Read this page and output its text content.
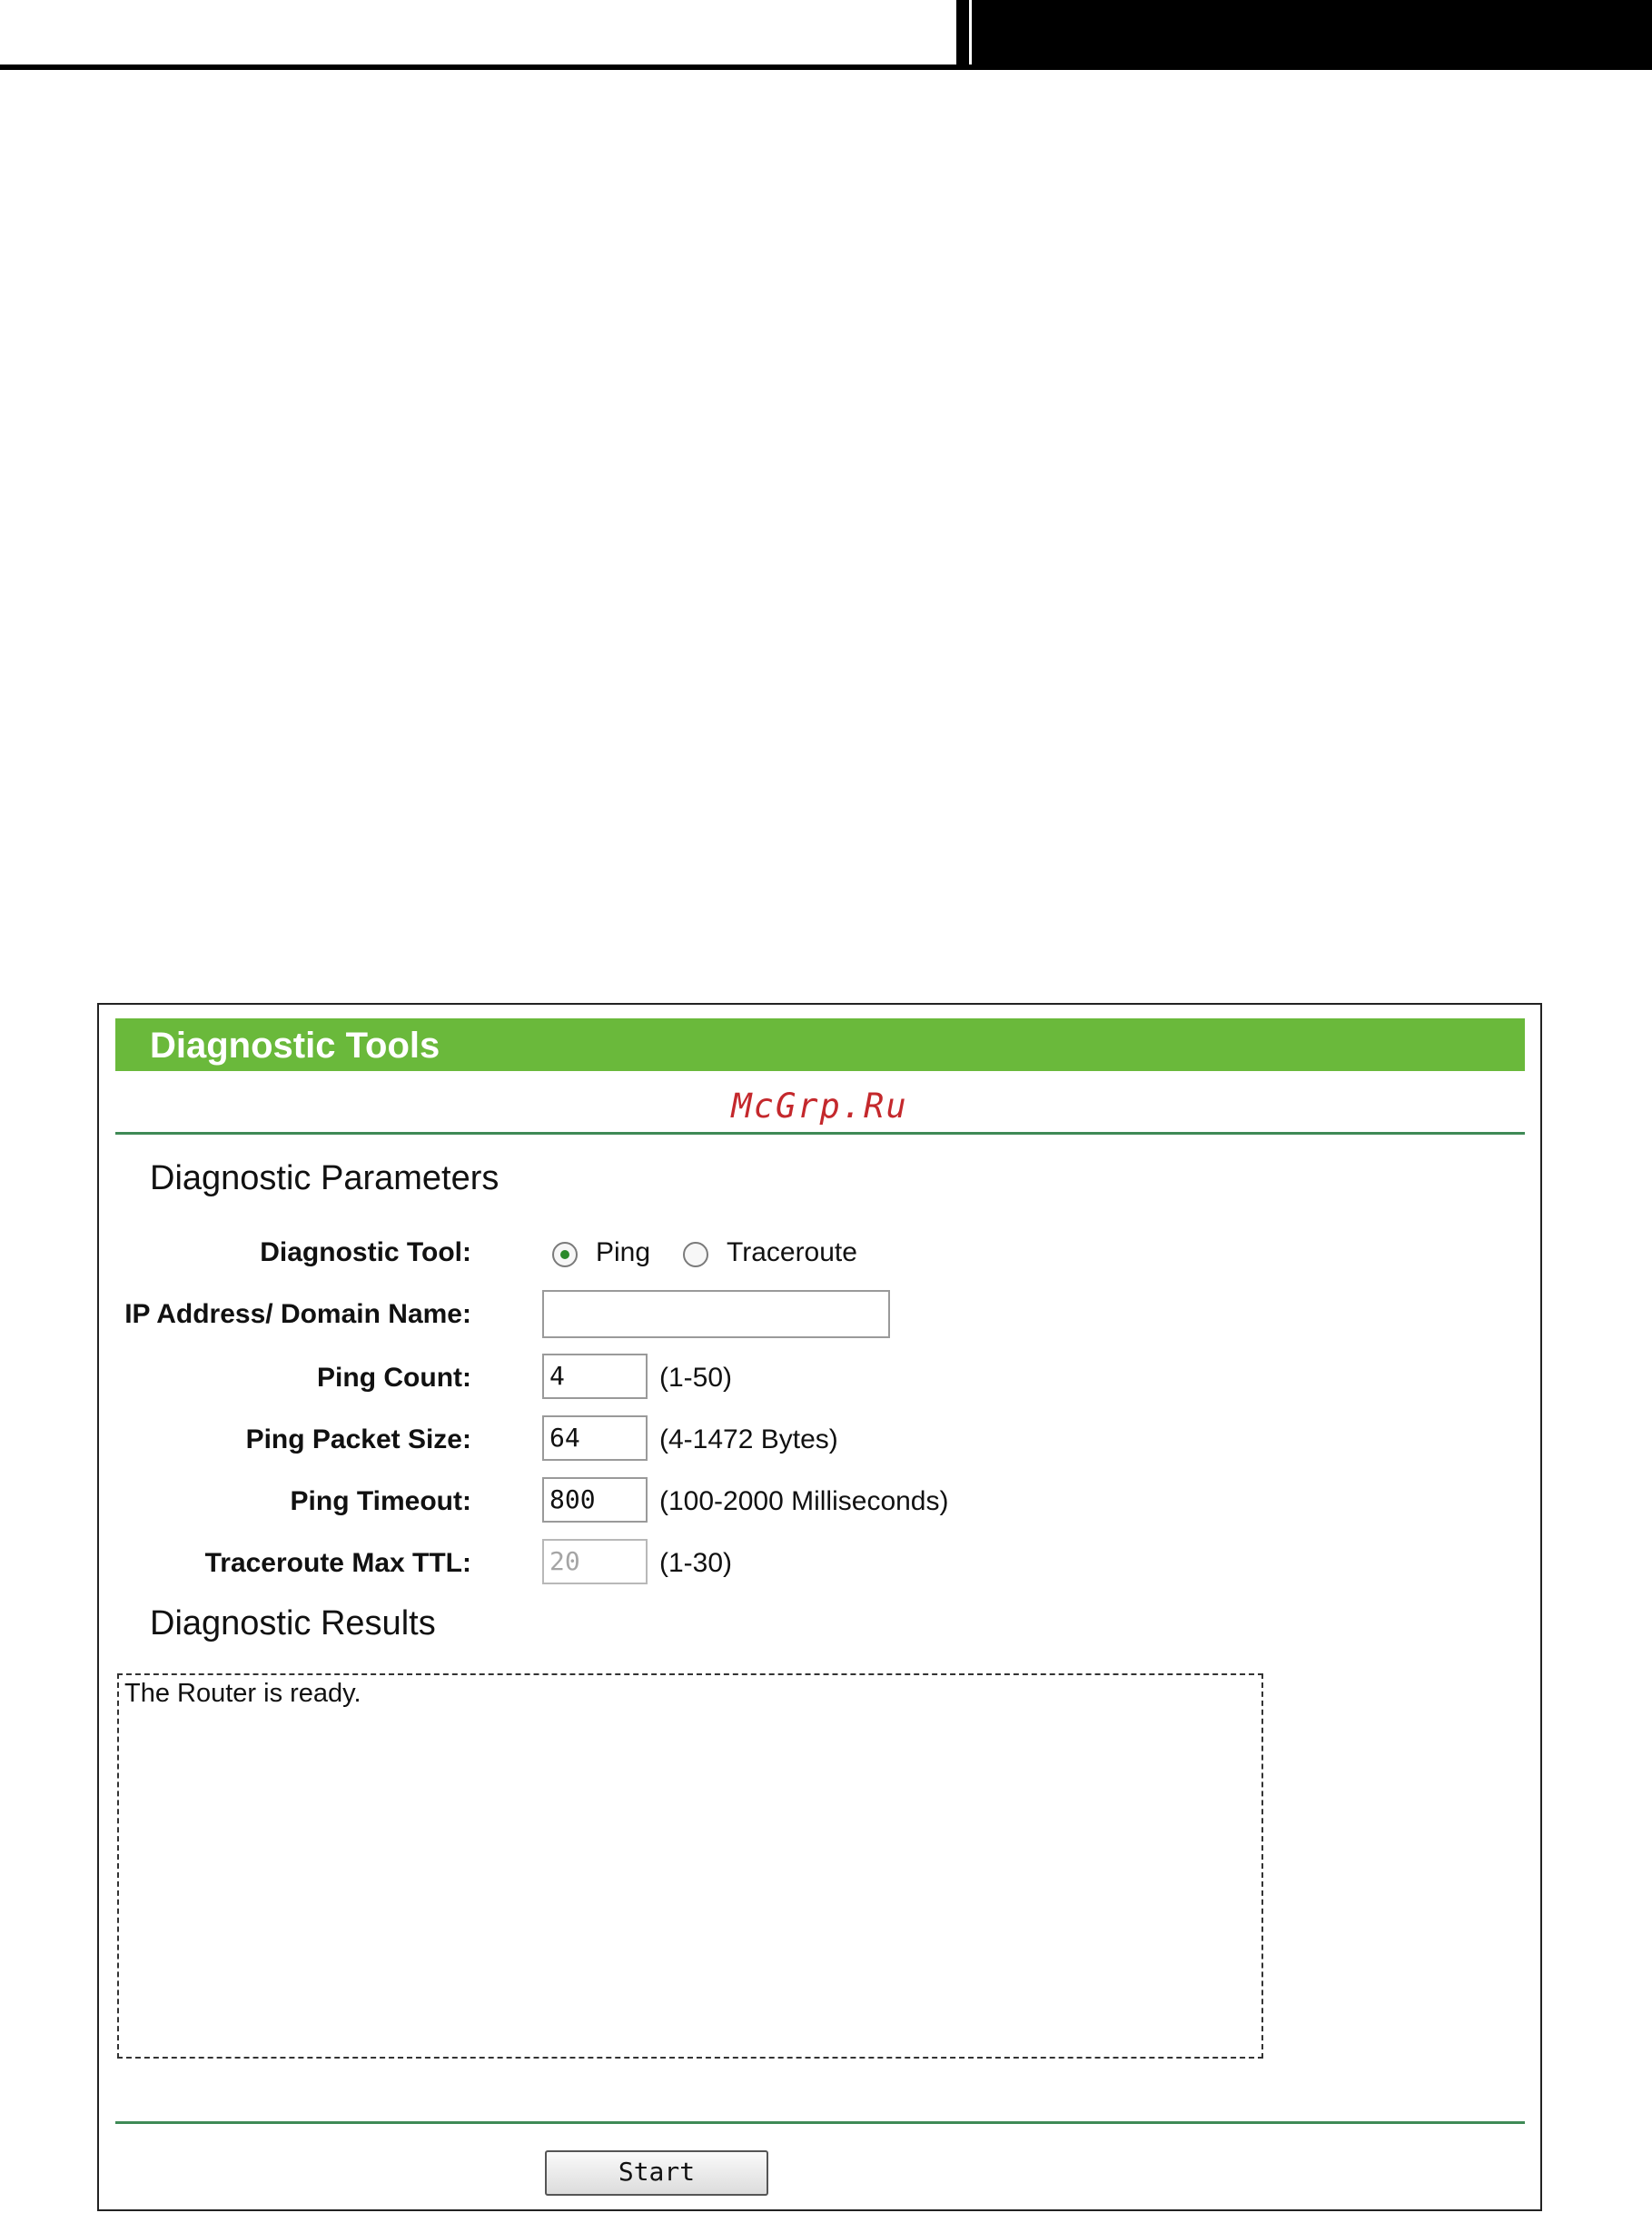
Diagnostic Tools
McGrp.Ru
Diagnostic Parameters
Diagnostic Tool:	Ping	Traceroute
IP Address/ Domain Name:
Ping Count:	4	(1-50)
Ping Packet Size:	64	(4-1472 Bytes)
Ping Timeout:	800	(100-2000 Milliseconds)
Traceroute Max TTL:	20	(1-30)
Diagnostic Results
The Router is ready.
Start
